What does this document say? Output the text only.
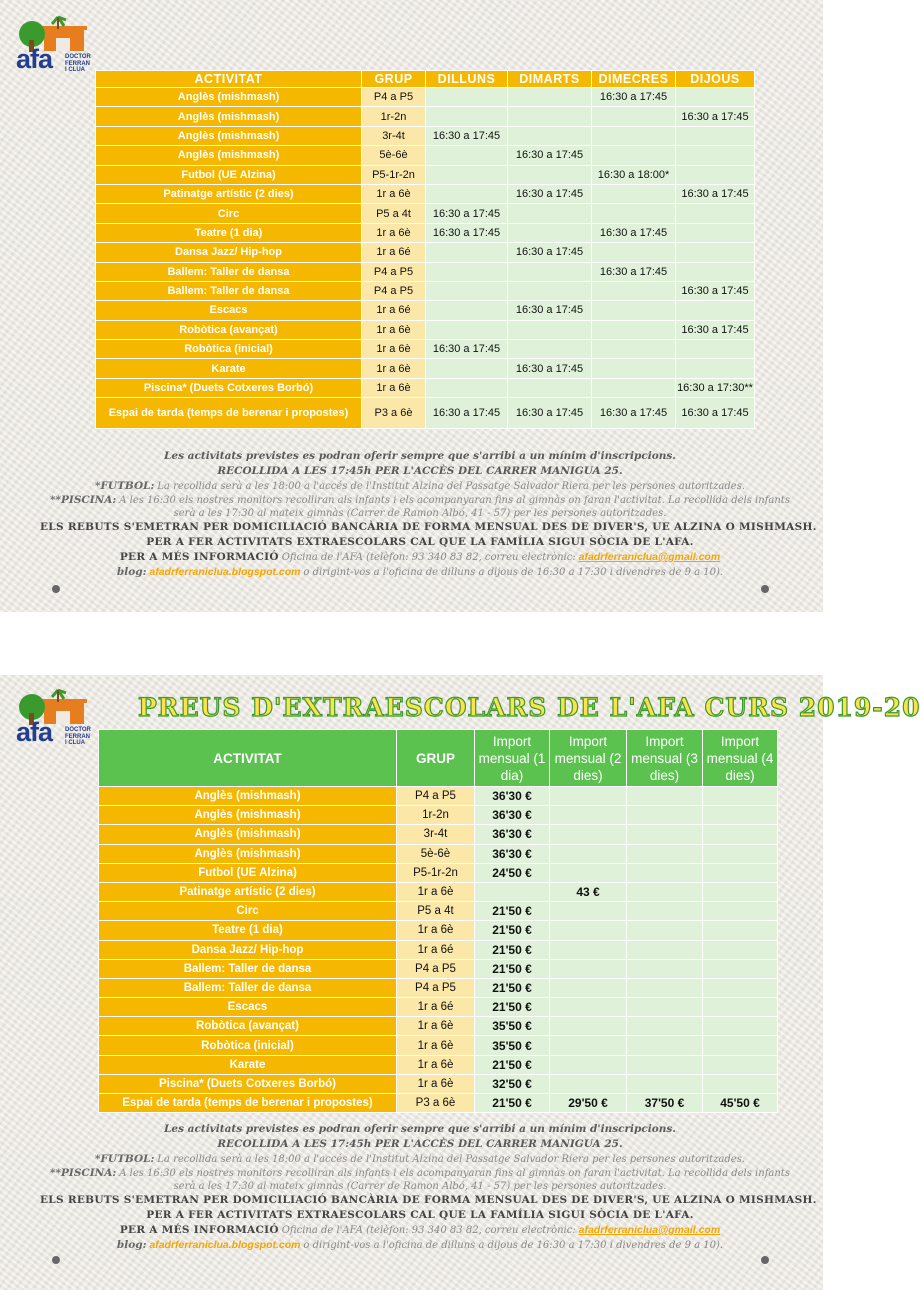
afa DOCTOR
FERRAN
I CLUA
ACTIVITAT	GRUP	DILLUNS	DIMARTS	DIMECRES	DIJOUS
Anglès (mishmash)	P4 a P5			16:30 a 17:45	
Anglès (mishmash)	1r-2n				16:30 a 17:45
Anglès (mishmash)	3r-4t	16:30 a 17:45			
Anglès (mishmash)	5è-6è		16:30 a 17:45		
Futbol (UE Alzina)	P5-1r-2n			16:30 a 18:00*	
Patinatge artístic (2 dies)	1r a 6è		16:30 a 17:45		16:30 a 17:45
Circ	P5 a 4t	16:30 a 17:45			
Teatre (1 dia)	1r a 6è	16:30 a 17:45		16:30 a 17:45	
Dansa Jazz/ Hip-hop	1r a 6é		16:30 a 17:45		
Ballem: Taller de dansa	P4 a P5			16:30 a 17:45	
Ballem: Taller de dansa	P4 a P5				16:30 a 17:45
Escacs	1r a 6é		16:30 a 17:45		
Robòtica (avançat)	1r a 6è				16:30 a 17:45
Robòtica (inicial)	1r a 6è	16:30 a 17:45			
Karate	1r a 6è		16:30 a 17:45		
Piscina* (Duets Cotxeres Borbó)	1r a 6è				16:30 a 17:30**
Espai de tarda (temps de berenar i propostes)	P3 a 6è	16:30 a 17:45	16:30 a 17:45	16:30 a 17:45	16:30 a 17:45
Les activitats previstes es podran oferir sempre que s'arribi a un mínim d'inscripcions.
RECOLLIDA A LES 17:45h PER L'ACCÈS DEL CARRER MANIGUA 25.
*FUTBOL: La recollida serà a les 18:00 a l'accés de l'Institut Alzina del Passatge Salvador Riera per les persones autoritzades.
**PISCINA: A les 16:30 els nostres monitors recolliran als infants i els acompanyaran fins al gimnàs on faran l'activitat. La recollida dels infants serà a les 17:30 al mateix gimnàs (Carrer de Ramon Albó, 41 - 57) per les persones autoritzades.
ELS REBUTS S'EMETRAN PER DOMICILIACIÓ BANCÀRIA DE FORMA MENSUAL DES DE DIVER'S, UE ALZINA O MISHMASH.
PER A FER ACTIVITATS EXTRAESCOLARS CAL QUE LA FAMÍLIA SIGUI SÒCIA DE L'AFA.
PER A MÉS INFORMACIÓ Oficina de l'AFA (telèfon: 93 340 83 82, correu electrònic: afadrferraniclua@gmail.com
blog: afadrferraniclua.blogspot.com o dirigint-vos a l'oficina de dilluns a dijous de 16:30 a 17:30 i divendres de 9 a 10).
afa DOCTOR
FERRAN
I CLUA
PREUS D'EXTRAESCOLARS DE L'AFA CURS 2019-20
ACTIVITAT	GRUP	Import mensual (1 dia)	Import mensual (2 dies)	Import mensual (3 dies)	Import mensual (4 dies)
Anglès (mishmash)	P4 a P5	36'30 €			
Anglès (mishmash)	1r-2n	36'30 €			
Anglès (mishmash)	3r-4t	36'30 €			
Anglès (mishmash)	5è-6è	36'30 €			
Futbol (UE Alzina)	P5-1r-2n	24'50 €			
Patinatge artístic (2 dies)	1r a 6è		43 €		
Circ	P5 a 4t	21'50 €			
Teatre (1 dia)	1r a 6è	21'50 €			
Dansa Jazz/ Hip-hop	1r a 6é	21'50 €			
Ballem: Taller de dansa	P4 a P5	21'50 €			
Ballem: Taller de dansa	P4 a P5	21'50 €			
Escacs	1r a 6é	21'50 €			
Robòtica (avançat)	1r a 6è	35'50 €			
Robòtica (inicial)	1r a 6è	35'50 €			
Karate	1r a 6è	21'50 €			
Piscina* (Duets Cotxeres Borbó)	1r a 6è	32'50 €			
Espai de tarda (temps de berenar i propostes)	P3 a 6è	21'50 €	29'50 €	37'50 €	45'50 €
Les activitats previstes es podran oferir sempre que s'arribi a un mínim d'inscripcions.
RECOLLIDA A LES 17:45h PER L'ACCÈS DEL CARRER MANIGUA 25.
*FUTBOL: La recollida serà a les 18:00 a l'accés de l'Institut Alzina del Passatge Salvador Riera per les persones autoritzades.
**PISCINA: A les 16:30 els nostres monitors recolliran als infants i els acompanyaran fins al gimnàs on faran l'activitat. La recollida dels infants serà a les 17:30 al mateix gimnàs (Carrer de Ramon Albó, 41 - 57) per les persones autoritzades.
ELS REBUTS S'EMETRAN PER DOMICILIACIÓ BANCÀRIA DE FORMA MENSUAL DES DE DIVER'S, UE ALZINA O MISHMASH.
PER A FER ACTIVITATS EXTRAESCOLARS CAL QUE LA FAMÍLIA SIGUI SÒCIA DE L'AFA.
PER A MÉS INFORMACIÓ Oficina de l'AFA (telèfon: 93 340 83 82, correu electrònic: afadrferraniclua@gmail.com
blog: afadrferraniclua.blogspot.com o dirigint-vos a l'oficina de dilluns a dijous de 16:30 a 17:30 i divendres de 9 a 10).
